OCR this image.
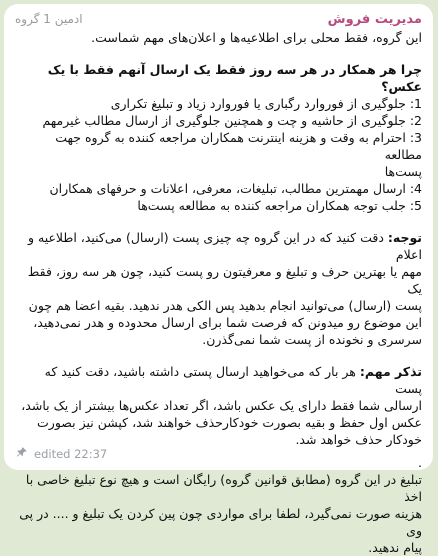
مدیریت فروش
ادمین 1 گروه

این گروه، فقط محلی برای اطلاعیه‌ها و اعلان‌های مهم شماست.

چرا هر همکار در هر سه روز فقط یک ارسال آنهم فقط با یک عکس؟

1: جلوگیری از فوروارد رگباری یا فوروارد زیاد و تبلیغ تکراری

2: جلوگیری از حاشیه و چت و همچنین جلوگیری از ارسال مطالب غیرمهم

3: احترام به وقت و هزینه اینترنت همکاران مراجعه کننده به گروه جهت مطالعه

پست‌ها

4: ارسال مهمترین مطالب، تبلیغات، معرفی، اعلانات و حرفهای همکاران

5: جلب توجه همکاران مراجعه کننده به مطالعه پست‌ها

توجه: دقت کنید که در این گروه چه چیزی پست (ارسال) می‌کنید، اطلاعیه و اعلام

مهم یا بهترین حرف و تبلیغ و معرفیتون رو پست کنید، چون هر سه روز، فقط یک

پست (ارسال) می‌توانید انجام بدهید پس الکی هدر ندهید. بقیه اعضا هم چون

این موضوع رو میدونن که فرصت شما برای ارسال محدوده و هدر نمی‌دهید،

سرسری و نخونده از پست شما نمی‌گذرن.

تذکر مهم: هر بار که می‌خواهید ارسال پستی داشته باشید، دقت کنید که پست

ارسالی شما فقط دارای یک عکس باشد، اگر تعداد عکس‌ها بیشتر از یک باشد،

عکس اول حفظ و بقیه بصورت خودکارحذف خواهند شد، کپشن نیز بصورت

خودکار حذف خواهد شد.

.

تبلیغ در این گروه (مطابق قوانین گروه) رایگان است و هیچ نوع تبلیغ خاصی با اخذ

هزینه صورت نمی‌گیرد، لطفا برای مواردی چون پین کردن یک تبلیغ و .... در پی وی

پیام ندهید.

edited 22:37
